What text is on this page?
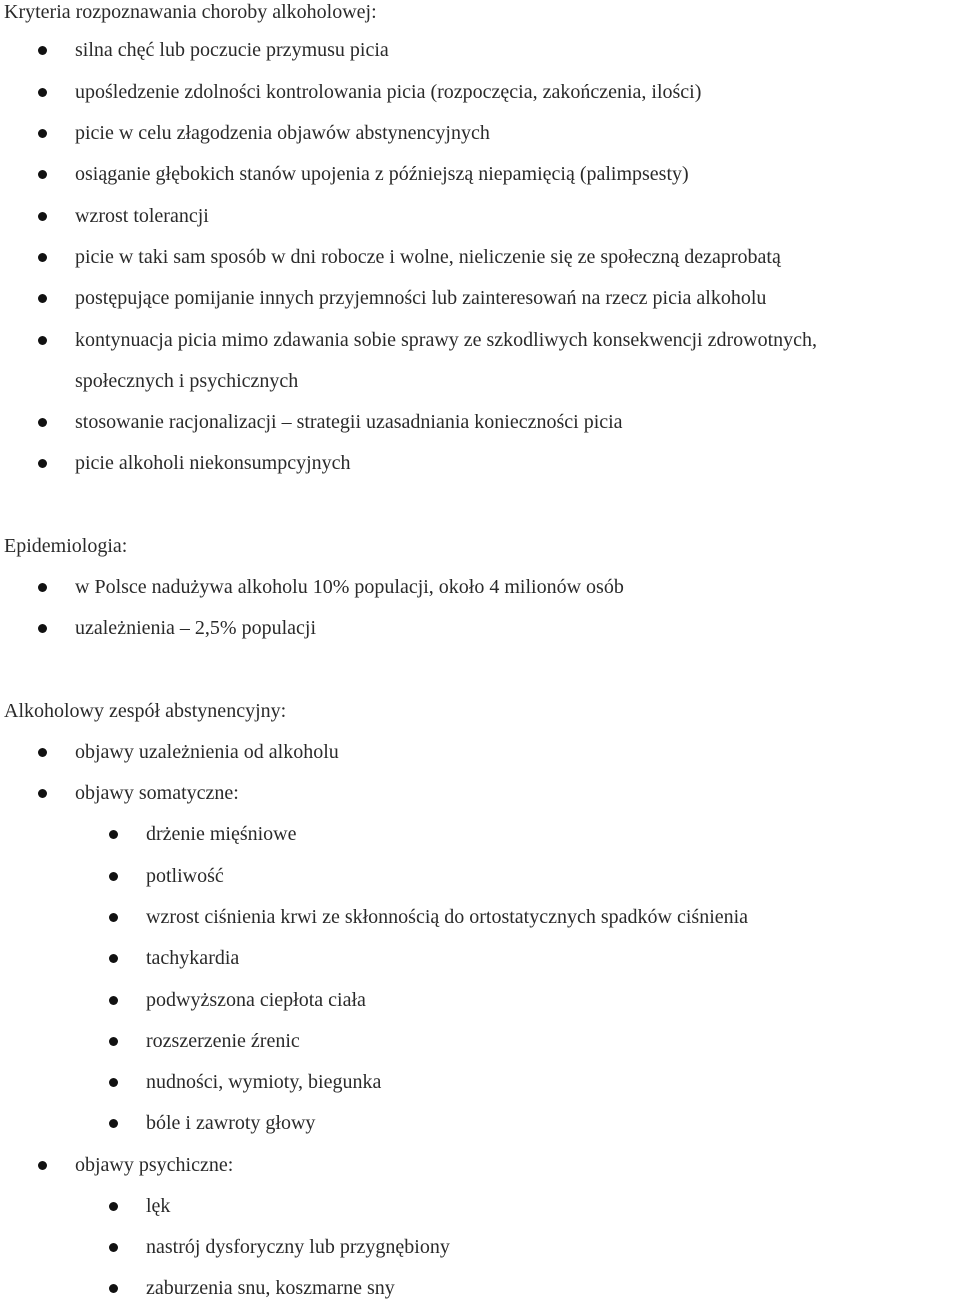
Kryteria rozpoznawania choroby alkoholowej:
silna chęć lub poczucie przymusu picia
upośledzenie zdolności kontrolowania picia (rozpoczęcia, zakończenia, ilości)
picie w celu złagodzenia objawów abstynencyjnych
osiąganie głębokich stanów upojenia z późniejszą niepamięcią (palimpsesty)
wzrost tolerancji
picie w taki sam sposób w dni robocze i wolne, nieliczenie się ze społeczną dezaprobatą
postępujące pomijanie innych przyjemności lub zainteresowań na rzecz picia alkoholu
kontynuacja picia mimo zdawania sobie sprawy ze szkodliwych konsekwencji zdrowotnych,
społecznych i psychicznych
stosowanie racjonalizacji – strategii uzasadniania konieczności picia
picie alkoholi niekonsumpcyjnych
Epidemiologia:
w Polsce nadużywa alkoholu 10% populacji, około 4 milionów osób
uzależnienia – 2,5% populacji
Alkoholowy zespół abstynencyjny:
objawy uzależnienia od alkoholu
objawy somatyczne:
drżenie mięśniowe
potliwość
wzrost ciśnienia krwi ze skłonnością do ortostatycznych spadków ciśnienia
tachykardia
podwyższona ciepłota ciała
rozszerzenie źrenic
nudności, wymioty, biegunka
bóle i zawroty głowy
objawy psychiczne:
lęk
nastrój dysforyczny lub przygnębiony
zaburzenia snu, koszmarne sny
